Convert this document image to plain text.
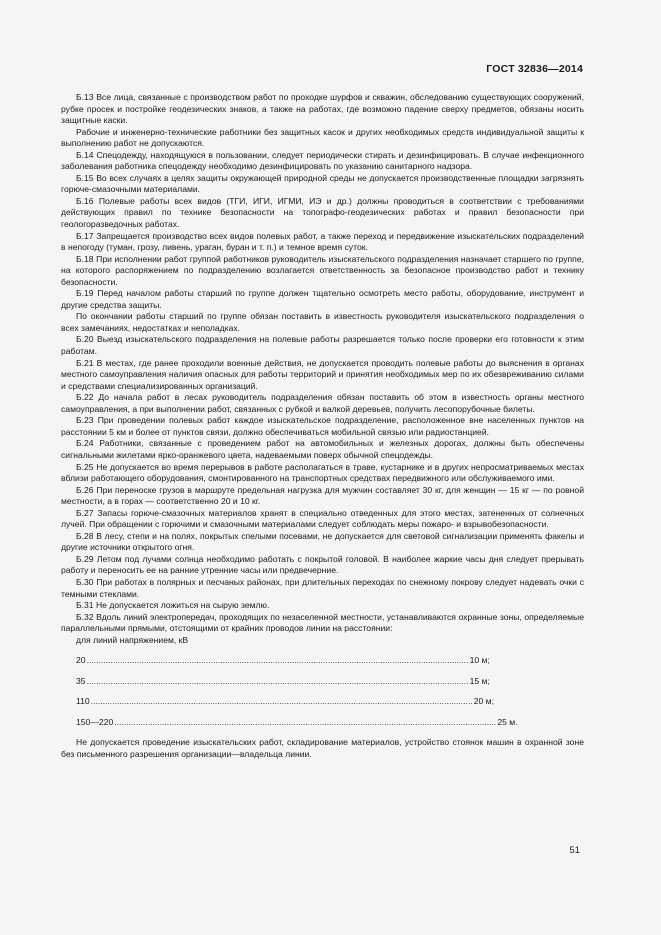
ГОСТ 32836—2014

Б.13 Все лица, связанные с производством работ по проходке шурфов и скважин, обследованию существующих сооружений, рубке просек и постройке геодезических знаков, а также на работах, где возможно падение сверху предметов, обязаны носить защитные каски.

Рабочие и инженерно-технические работники без защитных касок и других необходимых средств индивидуальной защиты к выполнению работ не допускаются.

Б.14 Спецодежду, находящуюся в пользовании, следует периодически стирать и дезинфицировать. В случае инфекционного заболевания работника спецодежду необходимо дезинфицировать по указанию санитарного надзора.

Б.15 Во всех случаях в целях защиты окружающей природной среды не допускается производственные площадки загрязнять горюче-смазочными материалами.

Б.16 Полевые работы всех видов (ТГИ, ИГИ, ИГМИ, ИЭ и др.) должны проводиться в соответствии с требованиями действующих правил по технике безопасности на топографо-геодезических работах и правил безопасности при геологоразведочных работах.

Б.17 Запрещается производство всех видов полевых работ, а также переход и передвижение изыскательских подразделений в непогоду (туман, грозу, ливень, ураган, буран и т. п.) и темное время суток.

Б.18 При исполнении работ группой работников руководитель изыскательского подразделения назначает старшего по группе, на которого распоряжением по подразделению возлагается ответственность за безопасное производство работ и технику безопасности.

Б.19 Перед началом работы старший по группе должен тщательно осмотреть место работы, оборудование, инструмент и другие средства защиты.

По окончании работы старший по группе обязан поставить в известность руководителя изыскательского подразделения о всех замечаниях, недостатках и неполадках.

Б.20 Выезд изыскательского подразделения на полевые работы разрешается только после проверки его готовности к этим работам.

Б.21 В местах, где ранее проходили военные действия, не допускается проводить полевые работы до выяснения в органах местного самоуправления наличия опасных для работы территорий и принятия необходимых мер по их обезвреживанию силами и средствами специализированных организаций.

Б.22 До начала работ в лесах руководитель подразделения обязан поставить об этом в известность органы местного самоуправления, а при выполнении работ, связанных с рубкой и валкой деревьев, получить лесопорубочные билеты.

Б.23 При проведении полевых работ каждое изыскательское подразделение, расположенное вне населенных пунктов на расстоянии 5 км и более от пунктов связи, должно обеспечиваться мобильной связью или радиостанцией.

Б.24 Работники, связанные с проведением работ на автомобильных и железных дорогах, должны быть обеспечены сигнальными жилетами ярко-оранжевого цвета, надеваемыми поверх обычной спецодежды.

Б.25 Не допускается во время перерывов в работе располагаться в траве, кустарнике и в других непросматриваемых местах вблизи работающего оборудования, смонтированного на транспортных средствах передвижного или обслуживаемого ими.

Б.26 При переноске грузов в маршруте предельная нагрузка для мужчин составляет 30 кг, для женщин — 15 кг — по ровной местности, а в горах — соответственно 20 и 10 кг.

Б.27 Запасы горюче-смазочных материалов хранят в специально отведенных для этого местах, затененных от солнечных лучей. При обращении с горючими и смазочными материалами следует соблюдать меры пожаро- и взрывобезопасности.

Б.28 В лесу, степи и на полях, покрытых спелыми посевами, не допускается для световой сигнализации применять факелы и другие источники открытого огня.

Б.29 Летом под лучами солнца необходимо работать с покрытой головой. В наиболее жаркие часы дня следует прерывать работу и переносить ее на ранние утренние часы или предвечерние.

Б.30 При работах в полярных и песчаных районах, при длительных переходах по снежному покрову следует надевать очки с темными стеклами.

Б.31 Не допускается ложиться на сырую землю.

Б.32 Вдоль линий электропередач, проходящих по незаселенной местности, устанавливаются охранные зоны, определяемые параллельными прямыми, отстоящими от крайних проводов линии на расстоянии:

для линий напряжением, кВ
20 ................................................................................................................................................................ 10 м;
35 ................................................................................................................................................................ 15 м;
110 ................................................................................................................................................................ 20 м;
150—220 ................................................................................................................................................................ 25 м.

Не допускается проведение изыскательских работ, складирование материалов, устройство стоянок машин в охранной зоне без письменного разрешения организации—владельца линии.

51
